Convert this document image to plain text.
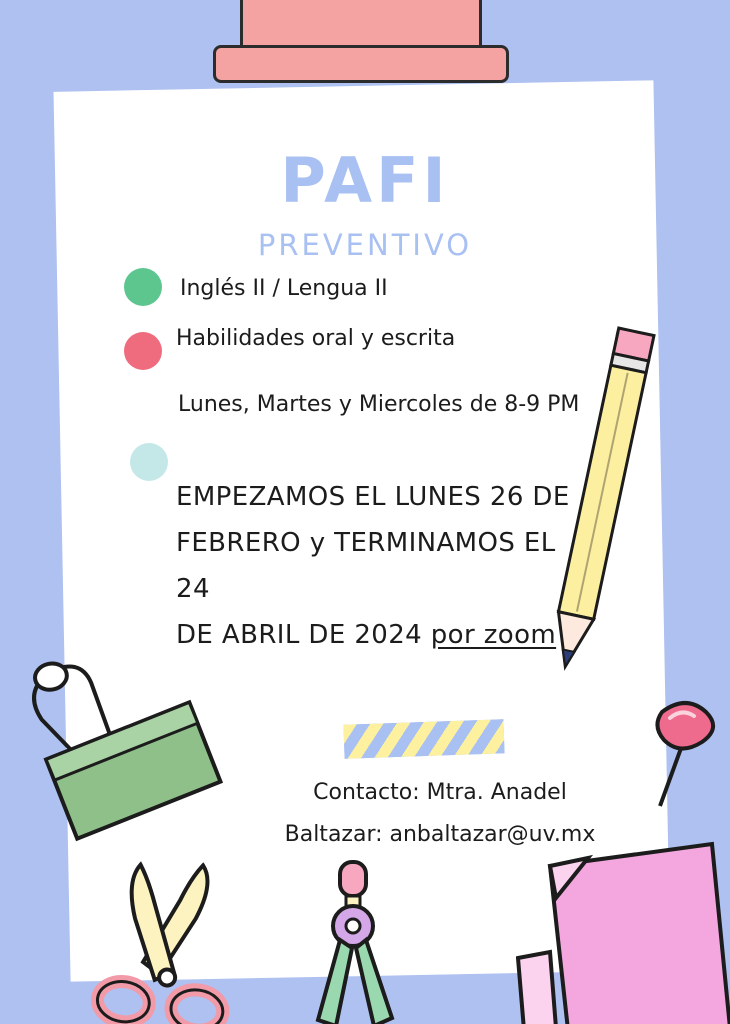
PAFI
PREVENTIVO
Inglés II / Lengua II
Habilidades oral y escrita
Lunes, Martes y Miercoles de 8-9 PM
EMPEZAMOS EL LUNES 26 DE
FEBRERO y TERMINAMOS EL 24
DE ABRIL DE 2024 por zoom
Contacto: Mtra. Anadel
Baltazar: anbaltazar@uv.mx
